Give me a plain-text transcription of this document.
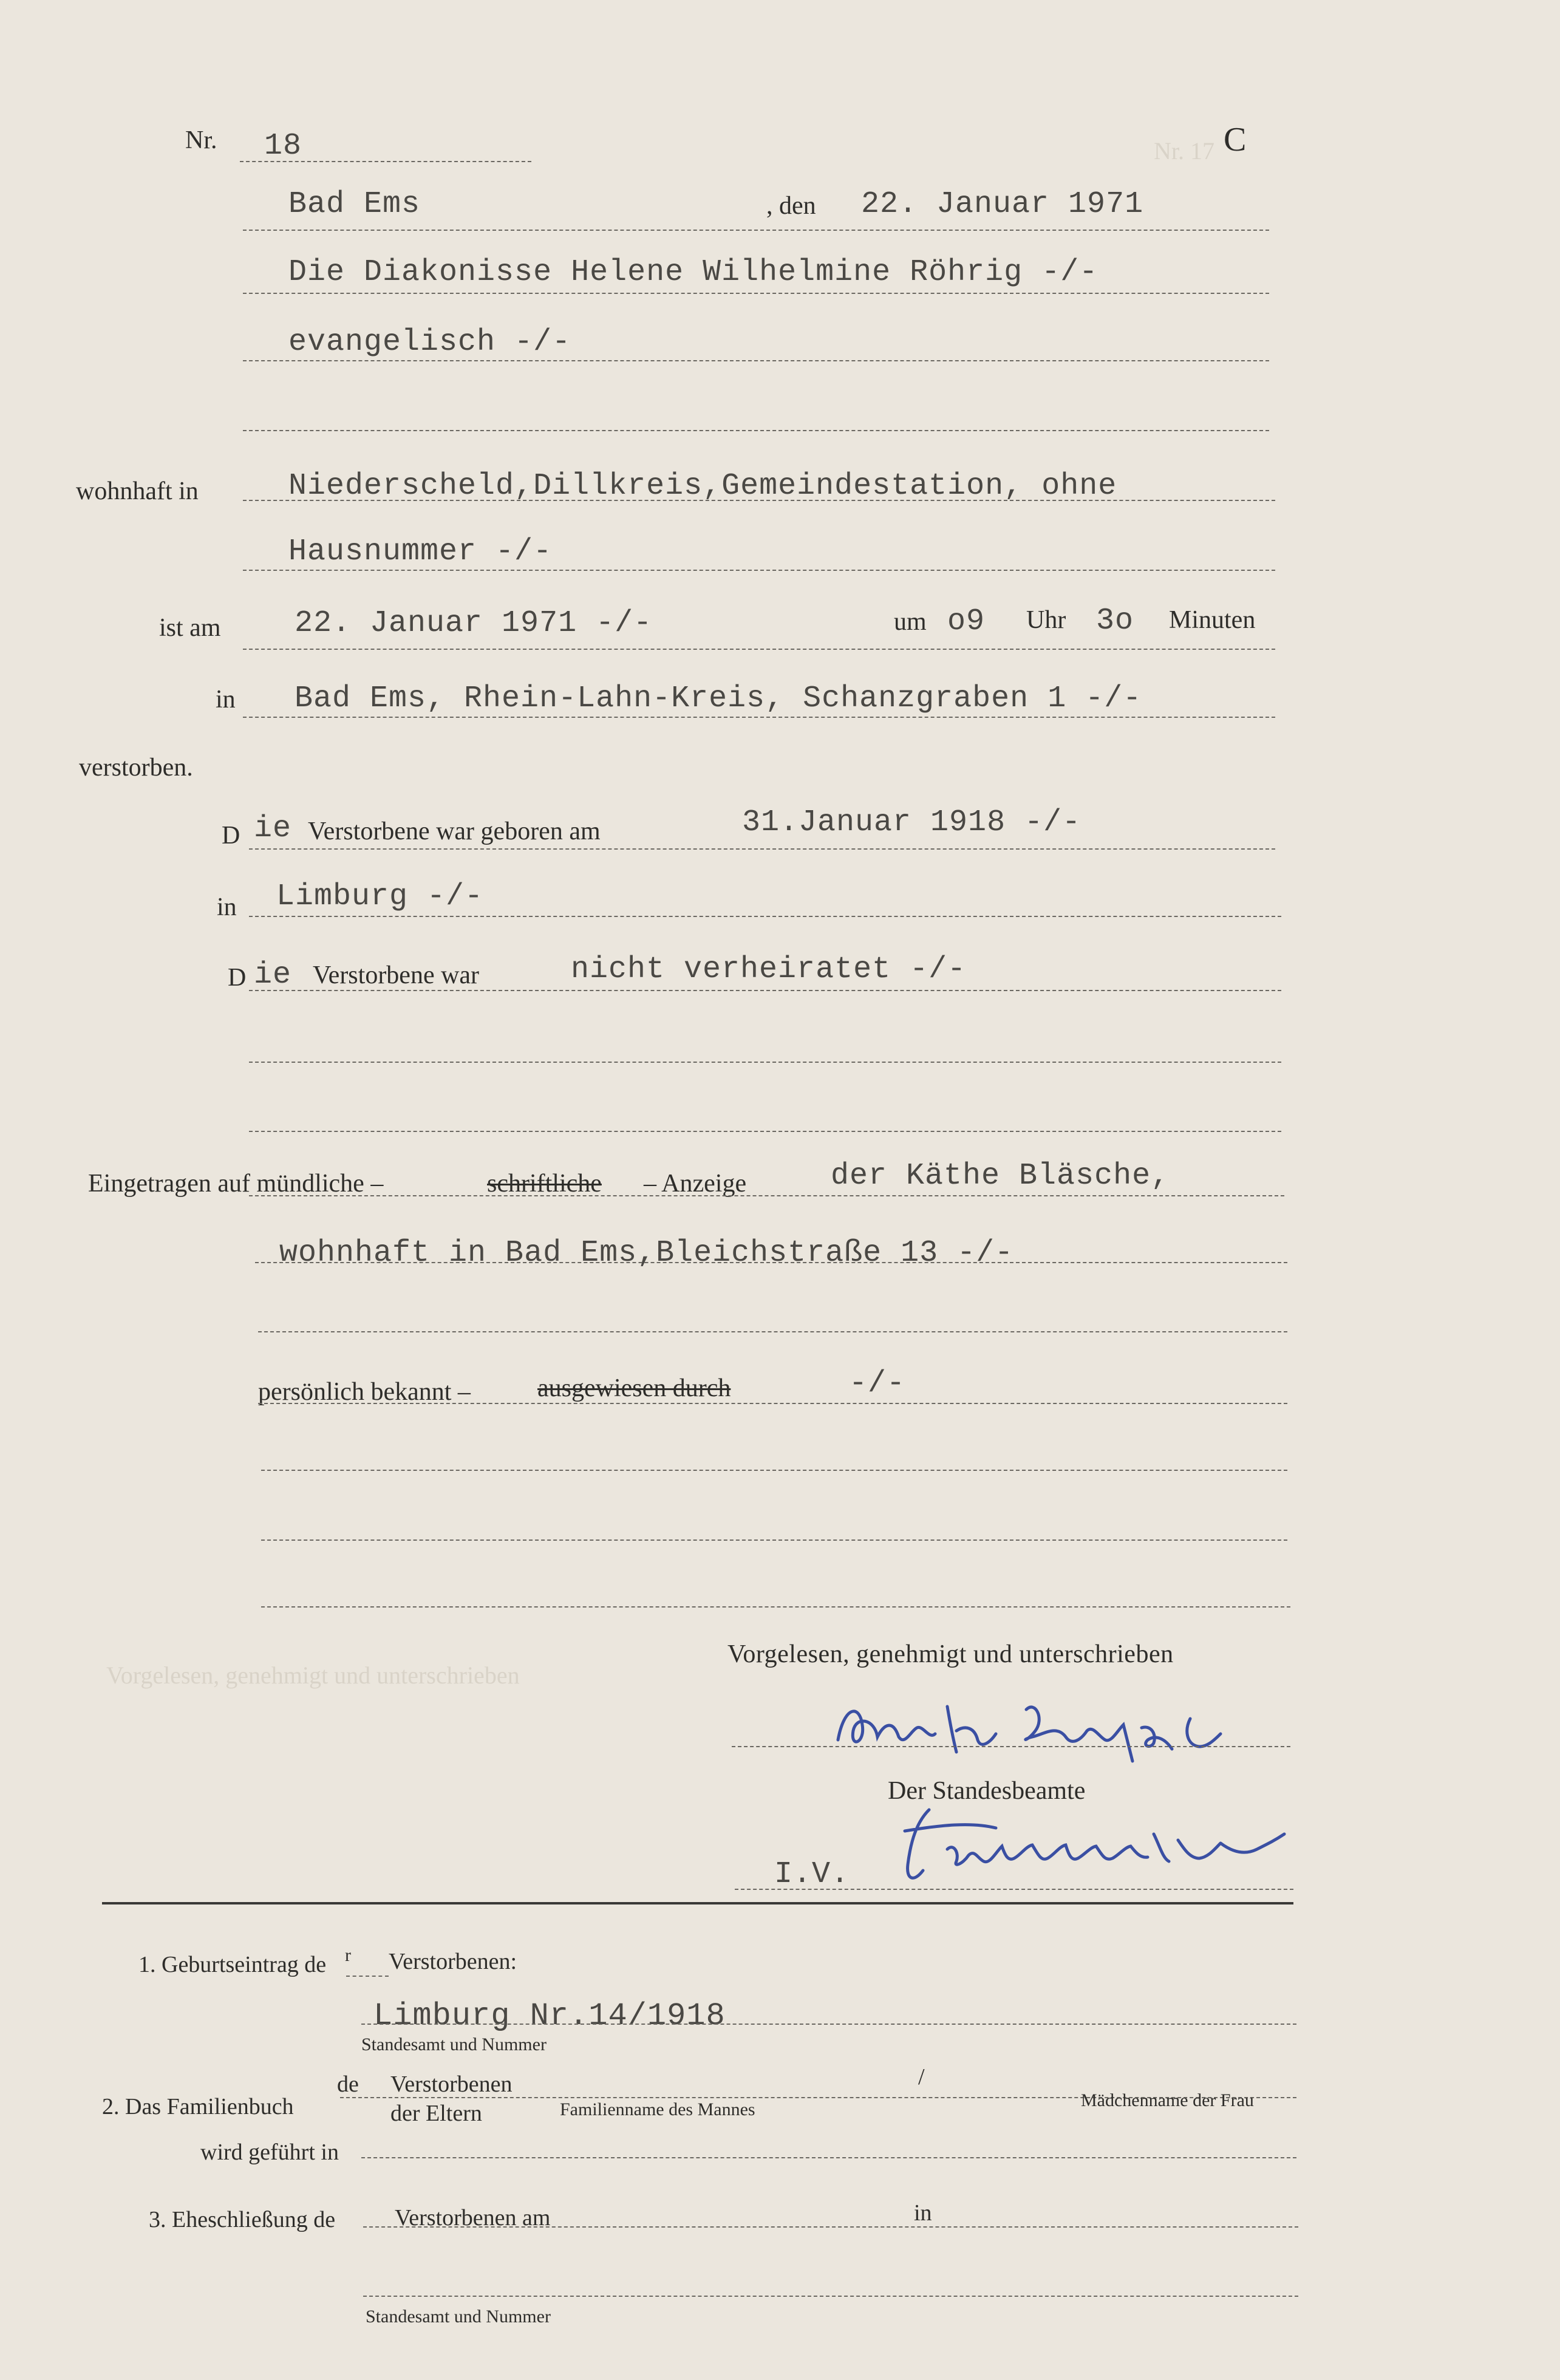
Nr. 17
Vorgelesen, genehmigt und unterschrieben
Nr. 18	C
Bad Ems	, den 22. Januar 1971
Die Diakonisse Helene Wilhelmine Röhrig -/-
evangelisch -/-
wohnhaft in	Niederscheld,Dillkreis,Gemeindestation, ohne
Hausnummer -/-
ist am 22. Januar 1971 -/-	um o9 Uhr 3o Minuten
in Bad Ems, Rhein-Lahn-Kreis, Schanzgraben 1 -/-
verstorben.
D ie Verstorbene war geboren am	31.Januar 1918 -/-
in Limburg -/-
D ie Verstorbene war	nicht verheiratet -/-
Eingetragen auf mündliche –	schriftliche – Anzeige	der Käthe Bläsche,
wohnhaft in Bad Ems,Bleichstraße 13 -/-
persönlich bekannt –	ausgewiesen durch	-/-
Vorgelesen, genehmigt und unterschrieben
Der Standesbeamte
I.V.
1. Geburtseintrag de r Verstorbenen:
Limburg Nr.14/1918
Standesamt und Nummer
de Verstorbenen	/
2. Das Familienbuch	der Eltern	Familienname des Mannes	Mädchenname der Frau
wird geführt in
3. Eheschließung de	Verstorbenen am	in
Standesamt und Nummer
